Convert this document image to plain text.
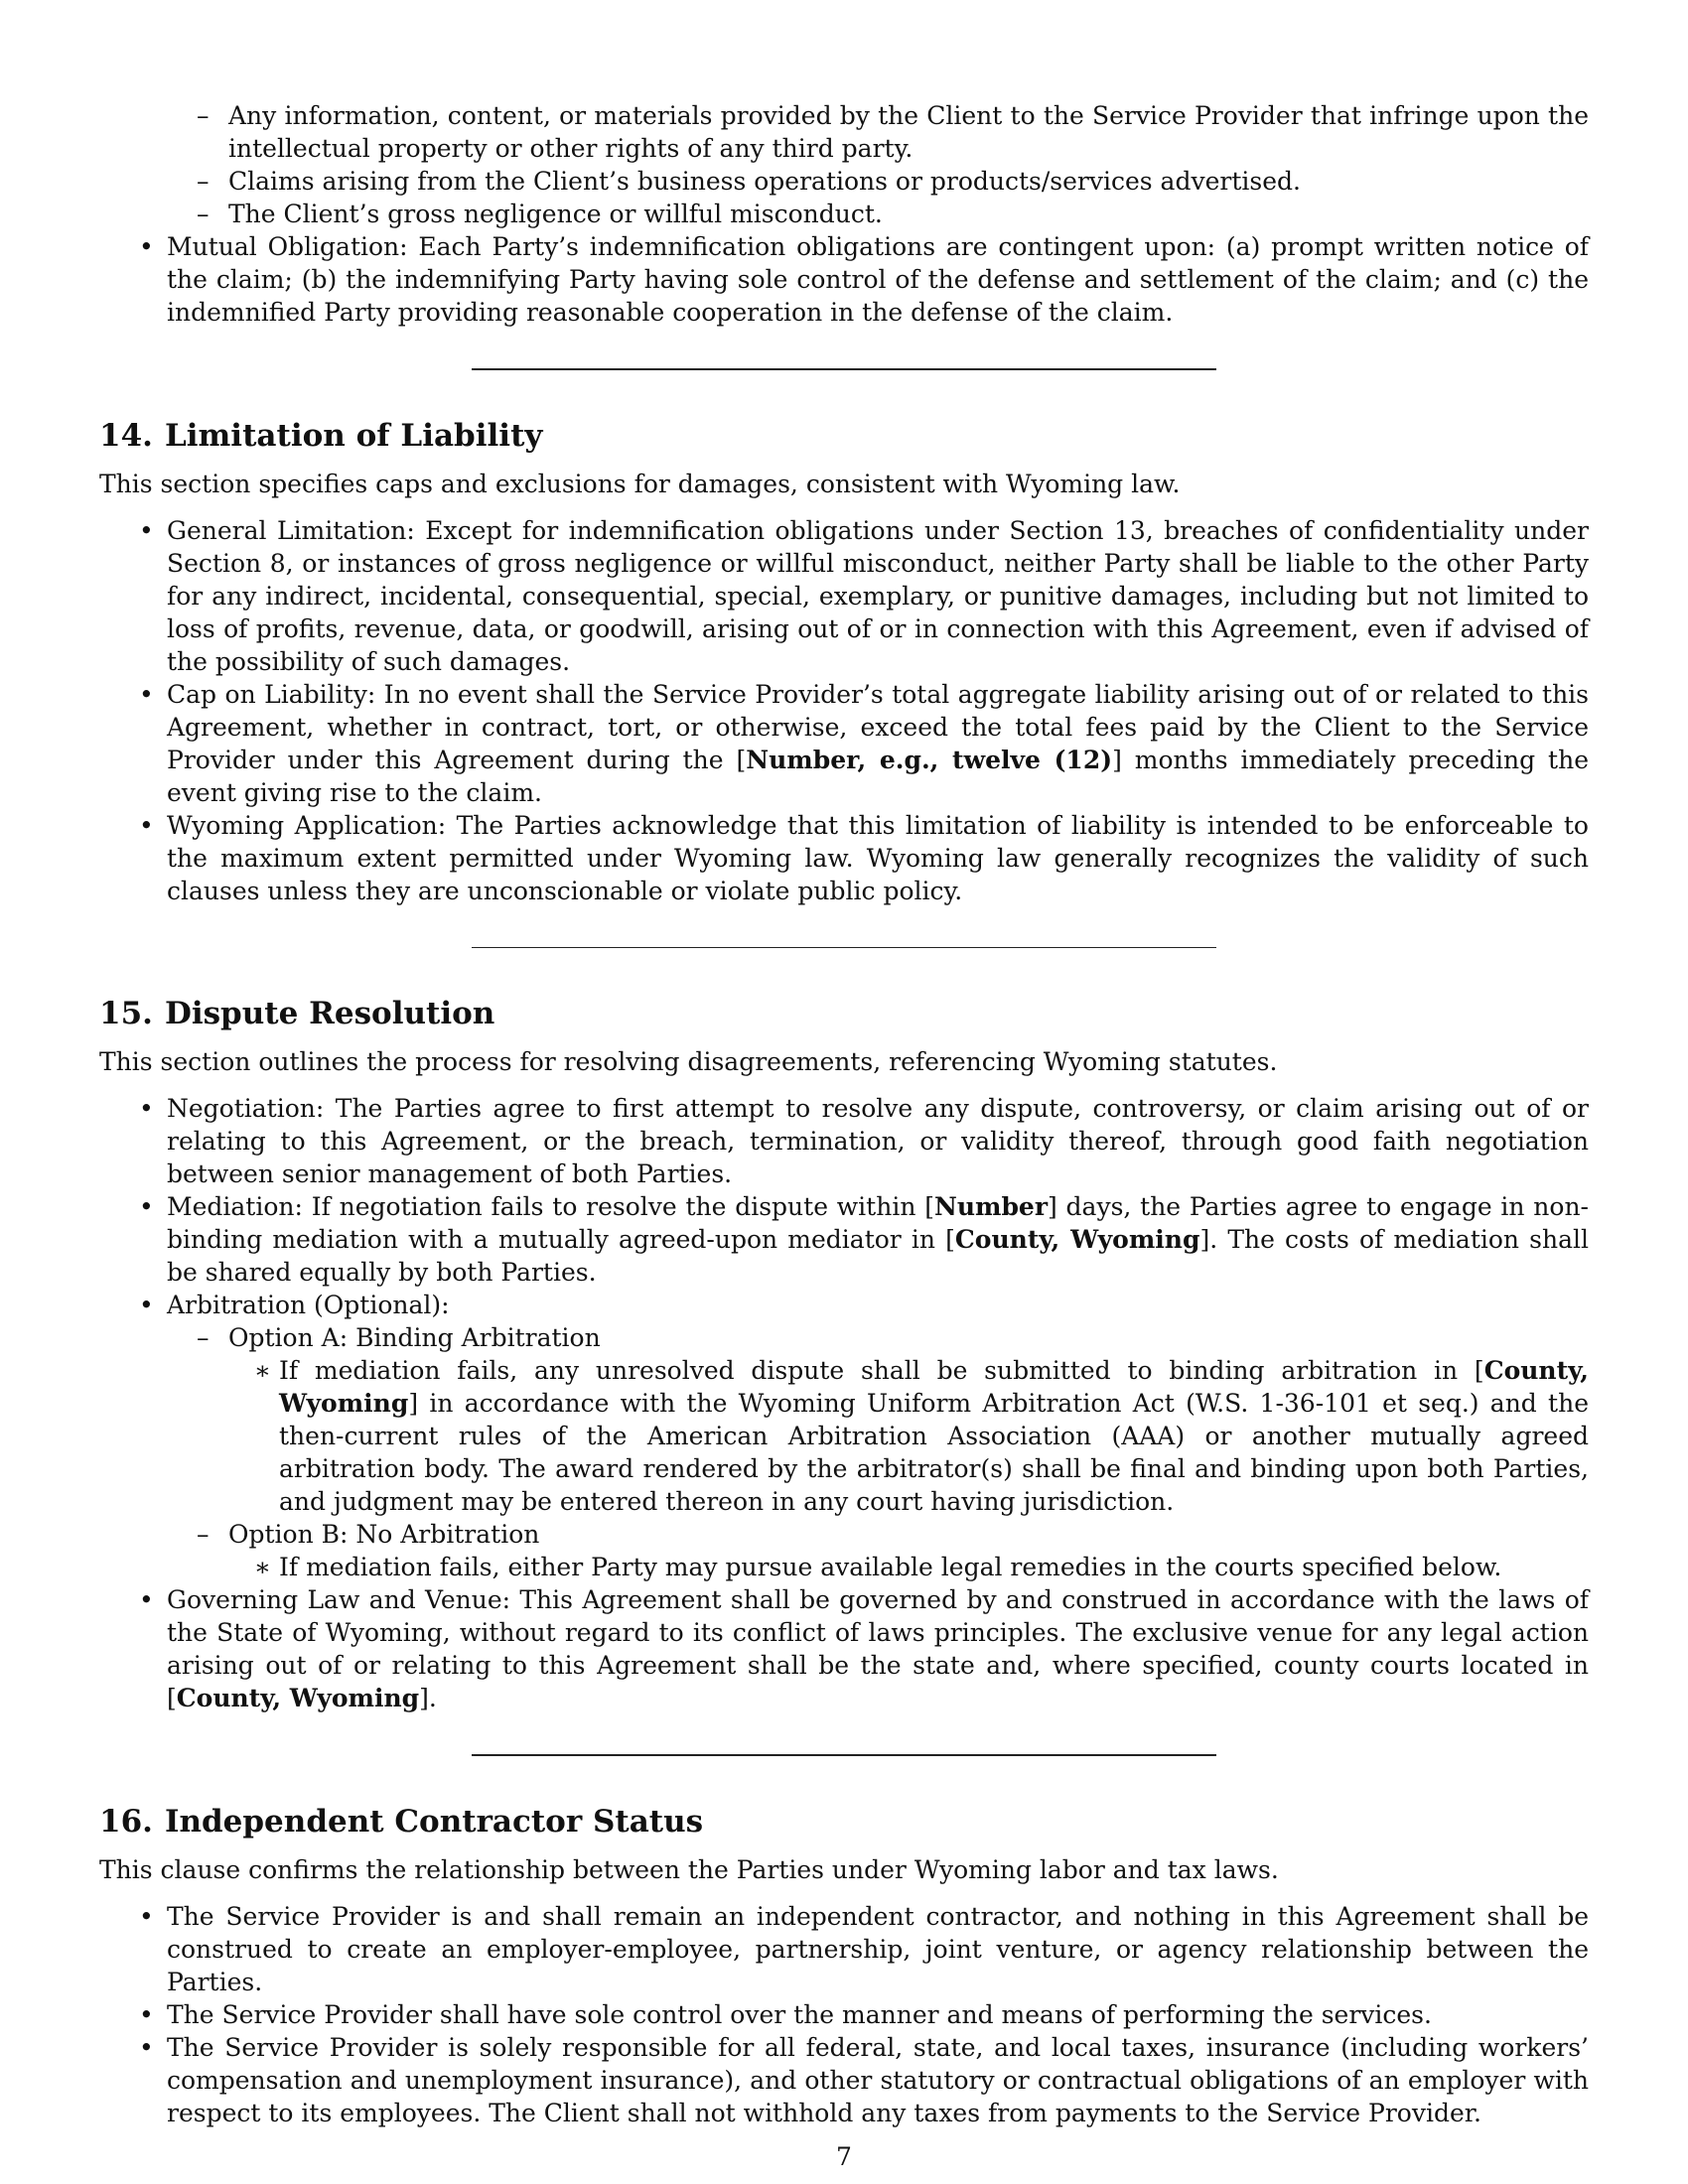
– Any information, content, or materials provided by the Client to the Service Provider that infringe upon the intellectual property or other rights of any third party.
– Claims arising from the Client’s business operations or products/services advertised.
– The Client’s gross negligence or willful misconduct.
• Mutual Obligation: Each Party’s indemnification obligations are contingent upon: (a) prompt written notice of the claim; (b) the indemnifying Party having sole control of the defense and settlement of the claim; and (c) the indemnified Party providing reasonable cooperation in the defense of the claim.
14. Limitation of Liability

This section specifies caps and exclusions for damages, consistent with Wyoming law.

• General Limitation: Except for indemnification obligations under Section 13, breaches of confidentiality under Section 8, or instances of gross negligence or willful misconduct, neither Party shall be liable to the other Party for any indirect, incidental, consequential, special, exemplary, or punitive damages, including but not limited to loss of profits, revenue, data, or goodwill, arising out of or in connection with this Agreement, even if advised of the possibility of such damages.
• Cap on Liability: In no event shall the Service Provider’s total aggregate liability arising out of or related to this Agreement, whether in contract, tort, or otherwise, exceed the total fees paid by the Client to the Service Provider under this Agreement during the [Number, e.g., twelve (12)] months immediately preceding the event giving rise to the claim.
• Wyoming Application: The Parties acknowledge that this limitation of liability is intended to be enforceable to the maximum extent permitted under Wyoming law. Wyoming law generally recognizes the validity of such clauses unless they are unconscionable or violate public policy.
15. Dispute Resolution

This section outlines the process for resolving disagreements, referencing Wyoming statutes.

• Negotiation: The Parties agree to first attempt to resolve any dispute, controversy, or claim arising out of or relating to this Agreement, or the breach, termination, or validity thereof, through good faith negotiation between senior management of both Parties.
• Mediation: If negotiation fails to resolve the dispute within [Number] days, the Parties agree to engage in non-binding mediation with a mutually agreed-upon mediator in [County, Wyoming]. The costs of mediation shall be shared equally by both Parties.
• Arbitration (Optional):
– Option A: Binding Arbitration
∗ If mediation fails, any unresolved dispute shall be submitted to binding arbitration in [County, Wyoming] in accordance with the Wyoming Uniform Arbitration Act (W.S. 1-36-101 et seq.) and the then-current rules of the American Arbitration Association (AAA) or another mutually agreed arbitration body. The award rendered by the arbitrator(s) shall be final and binding upon both Parties, and judgment may be entered thereon in any court having jurisdiction.
– Option B: No Arbitration
∗ If mediation fails, either Party may pursue available legal remedies in the courts specified below.
• Governing Law and Venue: This Agreement shall be governed by and construed in accordance with the laws of the State of Wyoming, without regard to its conflict of laws principles. The exclusive venue for any legal action arising out of or relating to this Agreement shall be the state and, where specified, county courts located in [County, Wyoming].
16. Independent Contractor Status

This clause confirms the relationship between the Parties under Wyoming labor and tax laws.

• The Service Provider is and shall remain an independent contractor, and nothing in this Agreement shall be construed to create an employer-employee, partnership, joint venture, or agency relationship between the Parties.
• The Service Provider shall have sole control over the manner and means of performing the services.
• The Service Provider is solely responsible for all federal, state, and local taxes, insurance (including workers’ compensation and unemployment insurance), and other statutory or contractual obligations of an employer with respect to its employees. The Client shall not withhold any taxes from payments to the Service Provider.
7
